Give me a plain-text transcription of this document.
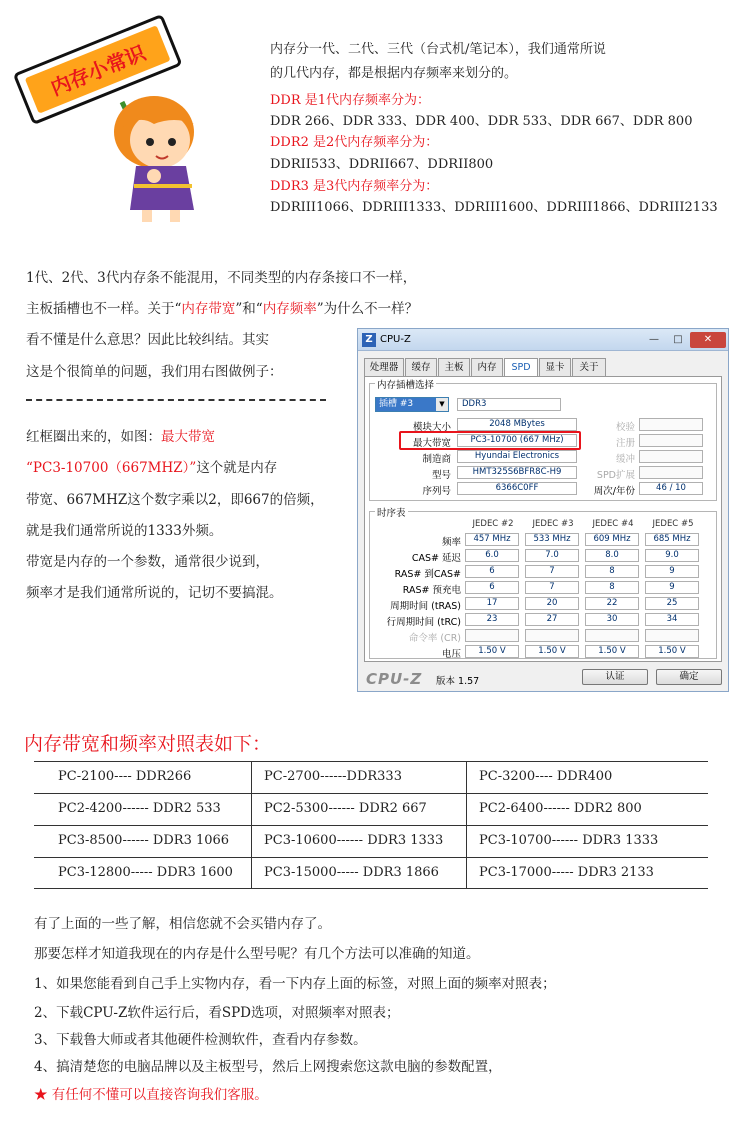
内存小常识	内存分一代、二代、三代（台式机/笔记本），我们通常所说
的几代内存，都是根据内存频率来划分的。
DDR 是1代内存频率分为：
DDR 266、DDR 333、DDR 400、DDR 533、DDR 667、DDR 800
DDR2 是2代内存频率分为：
DDRII533、DDRII667、DDRII800
DDR3 是3代内存频率分为：
DDRIII1066、DDRIII1333、DDRIII1600、DDRIII1866、DDRIII2133
1代、2代、3代内存条不能混用，不同类型的内存条接口不一样，
主板插槽也不一样。关于“内存带宽”和“内存频率”为什么不一样？
看不懂是什么意思？因此比较纠结。其实
这是个很简单的问题，我们用右图做例子：
红框圈出来的，如图：最大带宽
“PC3-10700（667MHZ）”这个就是内存
带宽、667MHZ这个数字乘以2，即667的倍频，
就是我们通常所说的1333外频。
带宽是内存的一个参数，通常很少说到，
频率才是我们通常所说的，记切不要搞混。
Z CPU-Z	—	□	✕
处理器	缓存	主板	内存	SPD	显卡	关于
内存插槽选择
插槽 #3	▼	DDR3
模块大小	2048 MBytes	校验
最大带宽	PC3-10700 (667 MHz)	注册
制造商	Hyundai Electronics	缓冲
型号	HMT325S6BFR8C-H9	SPD扩展
序列号	6366C0FF	周次/年份	46 / 10
时序表
JEDEC #2	JEDEC #3	JEDEC #4	JEDEC #5
频率	457 MHz	533 MHz	609 MHz	685 MHz
CAS# 延迟	6.0	7.0	8.0	9.0
RAS# 到CAS#	6	7	8	9
RAS# 预充电	6	7	8	9
周期时间 (tRAS)	17	20	22	25
行周期时间 (tRC)	23	27	30	34
命令率 (CR)
电压	1.50 V	1.50 V	1.50 V	1.50 V
CPU-Z 版本 1.57	认证	确定
内存带宽和频率对照表如下：
PC-2100---- DDR266	PC-2700------DDR333	PC-3200---- DDR400
PC2-4200------ DDR2 533	PC2-5300------ DDR2 667	PC2-6400------ DDR2 800
PC3-8500------ DDR3 1066	PC3-10600------ DDR3 1333	PC3-10700------ DDR3 1333
PC3-12800----- DDR3 1600	PC3-15000----- DDR3 1866	PC3-17000----- DDR3 2133
有了上面的一些了解，相信您就不会买错内存了。
那要怎样才知道我现在的内存是什么型号呢？有几个方法可以准确的知道。
1、如果您能看到自己手上实物内存，看一下内存上面的标签，对照上面的频率对照表；
2、下载CPU-Z软件运行后，看SPD选项，对照频率对照表；
3、下载鲁大师或者其他硬件检测软件，查看内存参数。
4、搞清楚您的电脑品牌以及主板型号，然后上网搜索您这款电脑的参数配置，
★ 有任何不懂可以直接咨询我们客服。
